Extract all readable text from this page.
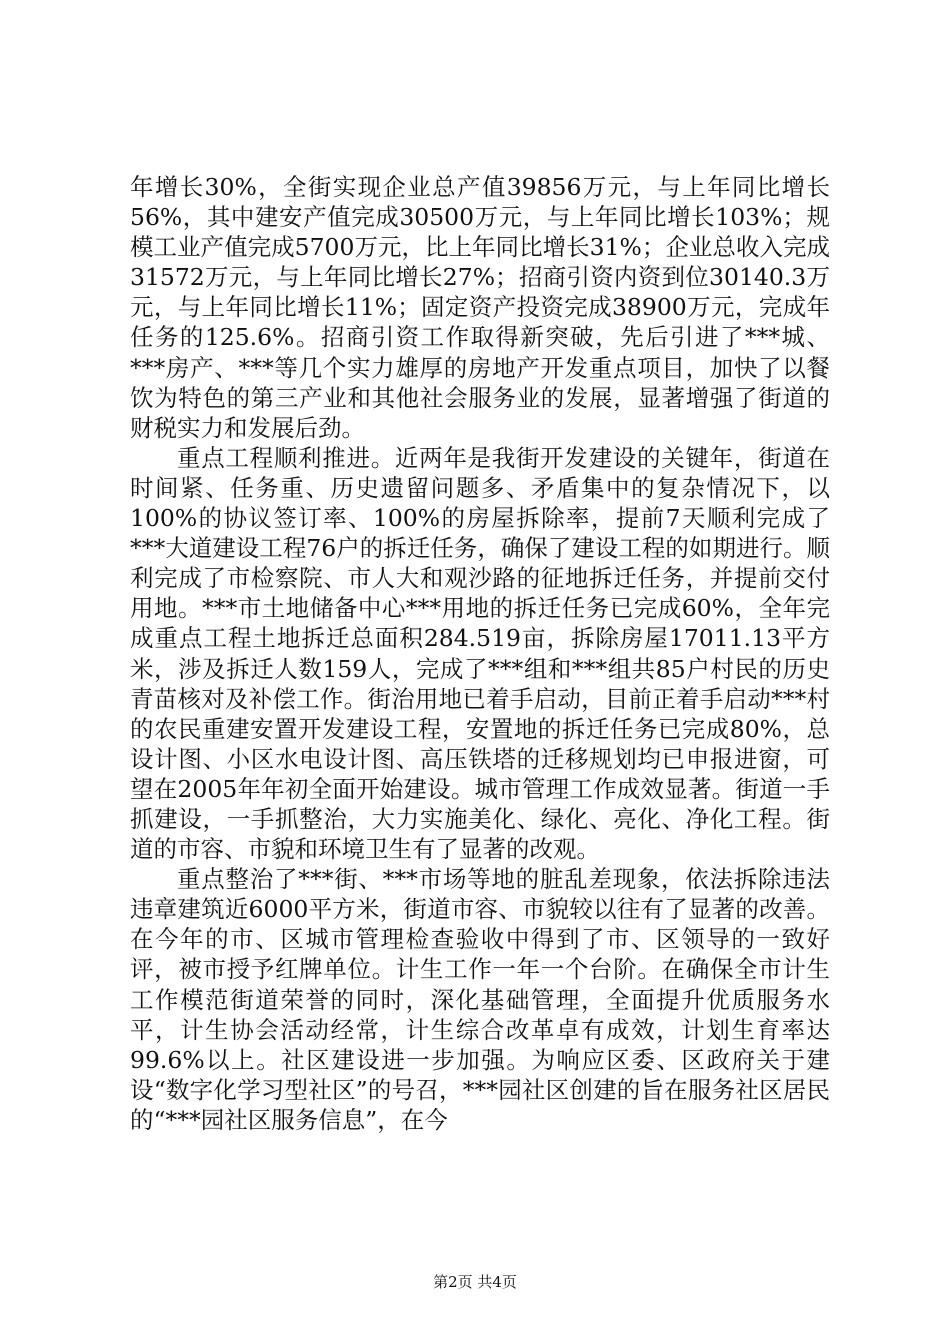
年增长30%，全街实现企业总产值39856万元，与上年同比增长56%，其中建安产值完成30500万元，与上年同比增长103%；规模工业产值完成5700万元，比上年同比增长31%；企业总收入完成31572万元，与上年同比增长27%；招商引资内资到位30140.3万元，与上年同比增长11%；固定资产投资完成38900万元，完成年任务的125.6%。招商引资工作取得新突破，先后引进了***城、***房产、***等几个实力雄厚的房地产开发重点项目，加快了以餐饮为特色的第三产业和其他社会服务业的发展，显著增强了街道的财税实力和发展后劲。

重点工程顺利推进。近两年是我街开发建设的关键年，街道在时间紧、任务重、历史遗留问题多、矛盾集中的复杂情况下，以100%的协议签订率、100%的房屋拆除率，提前7天顺利完成了***大道建设工程76户的拆迁任务，确保了建设工程的如期进行。顺利完成了市检察院、市人大和观沙路的征地拆迁任务，并提前交付用地。***市土地储备中心***用地的拆迁任务已完成60%，全年完成重点工程土地拆迁总面积284.519亩，拆除房屋17011.13平方米，涉及拆迁人数159人，完成了***组和***组共85户村民的历史青苗核对及补偿工作。街治用地已着手启动，目前正着手启动***村的农民重建安置开发建设工程，安置地的拆迁任务已完成80%，总设计图、小区水电设计图、高压铁塔的迁移规划均已申报进窗，可望在2005年年初全面开始建设。城市管理工作成效显著。街道一手抓建设，一手抓整治，大力实施美化、绿化、亮化、净化工程。街道的市容、市貌和环境卫生有了显著的改观。

重点整治了***街、***市场等地的脏乱差现象，依法拆除违法违章建筑近6000平方米，街道市容、市貌较以往有了显著的改善。在今年的市、区城市管理检查验收中得到了市、区领导的一致好评，被市授予红牌单位。计生工作一年一个台阶。在确保全市计生工作模范街道荣誉的同时，深化基础管理，全面提升优质服务水平，计生协会活动经常，计生综合改革卓有成效，计划生育率达99.6%以上。社区建设进一步加强。为响应区委、区政府关于建设“数字化学习型社区”的号召，***园社区创建的旨在服务社区居民的“***园社区服务信息”，在今

第2页 共4页
